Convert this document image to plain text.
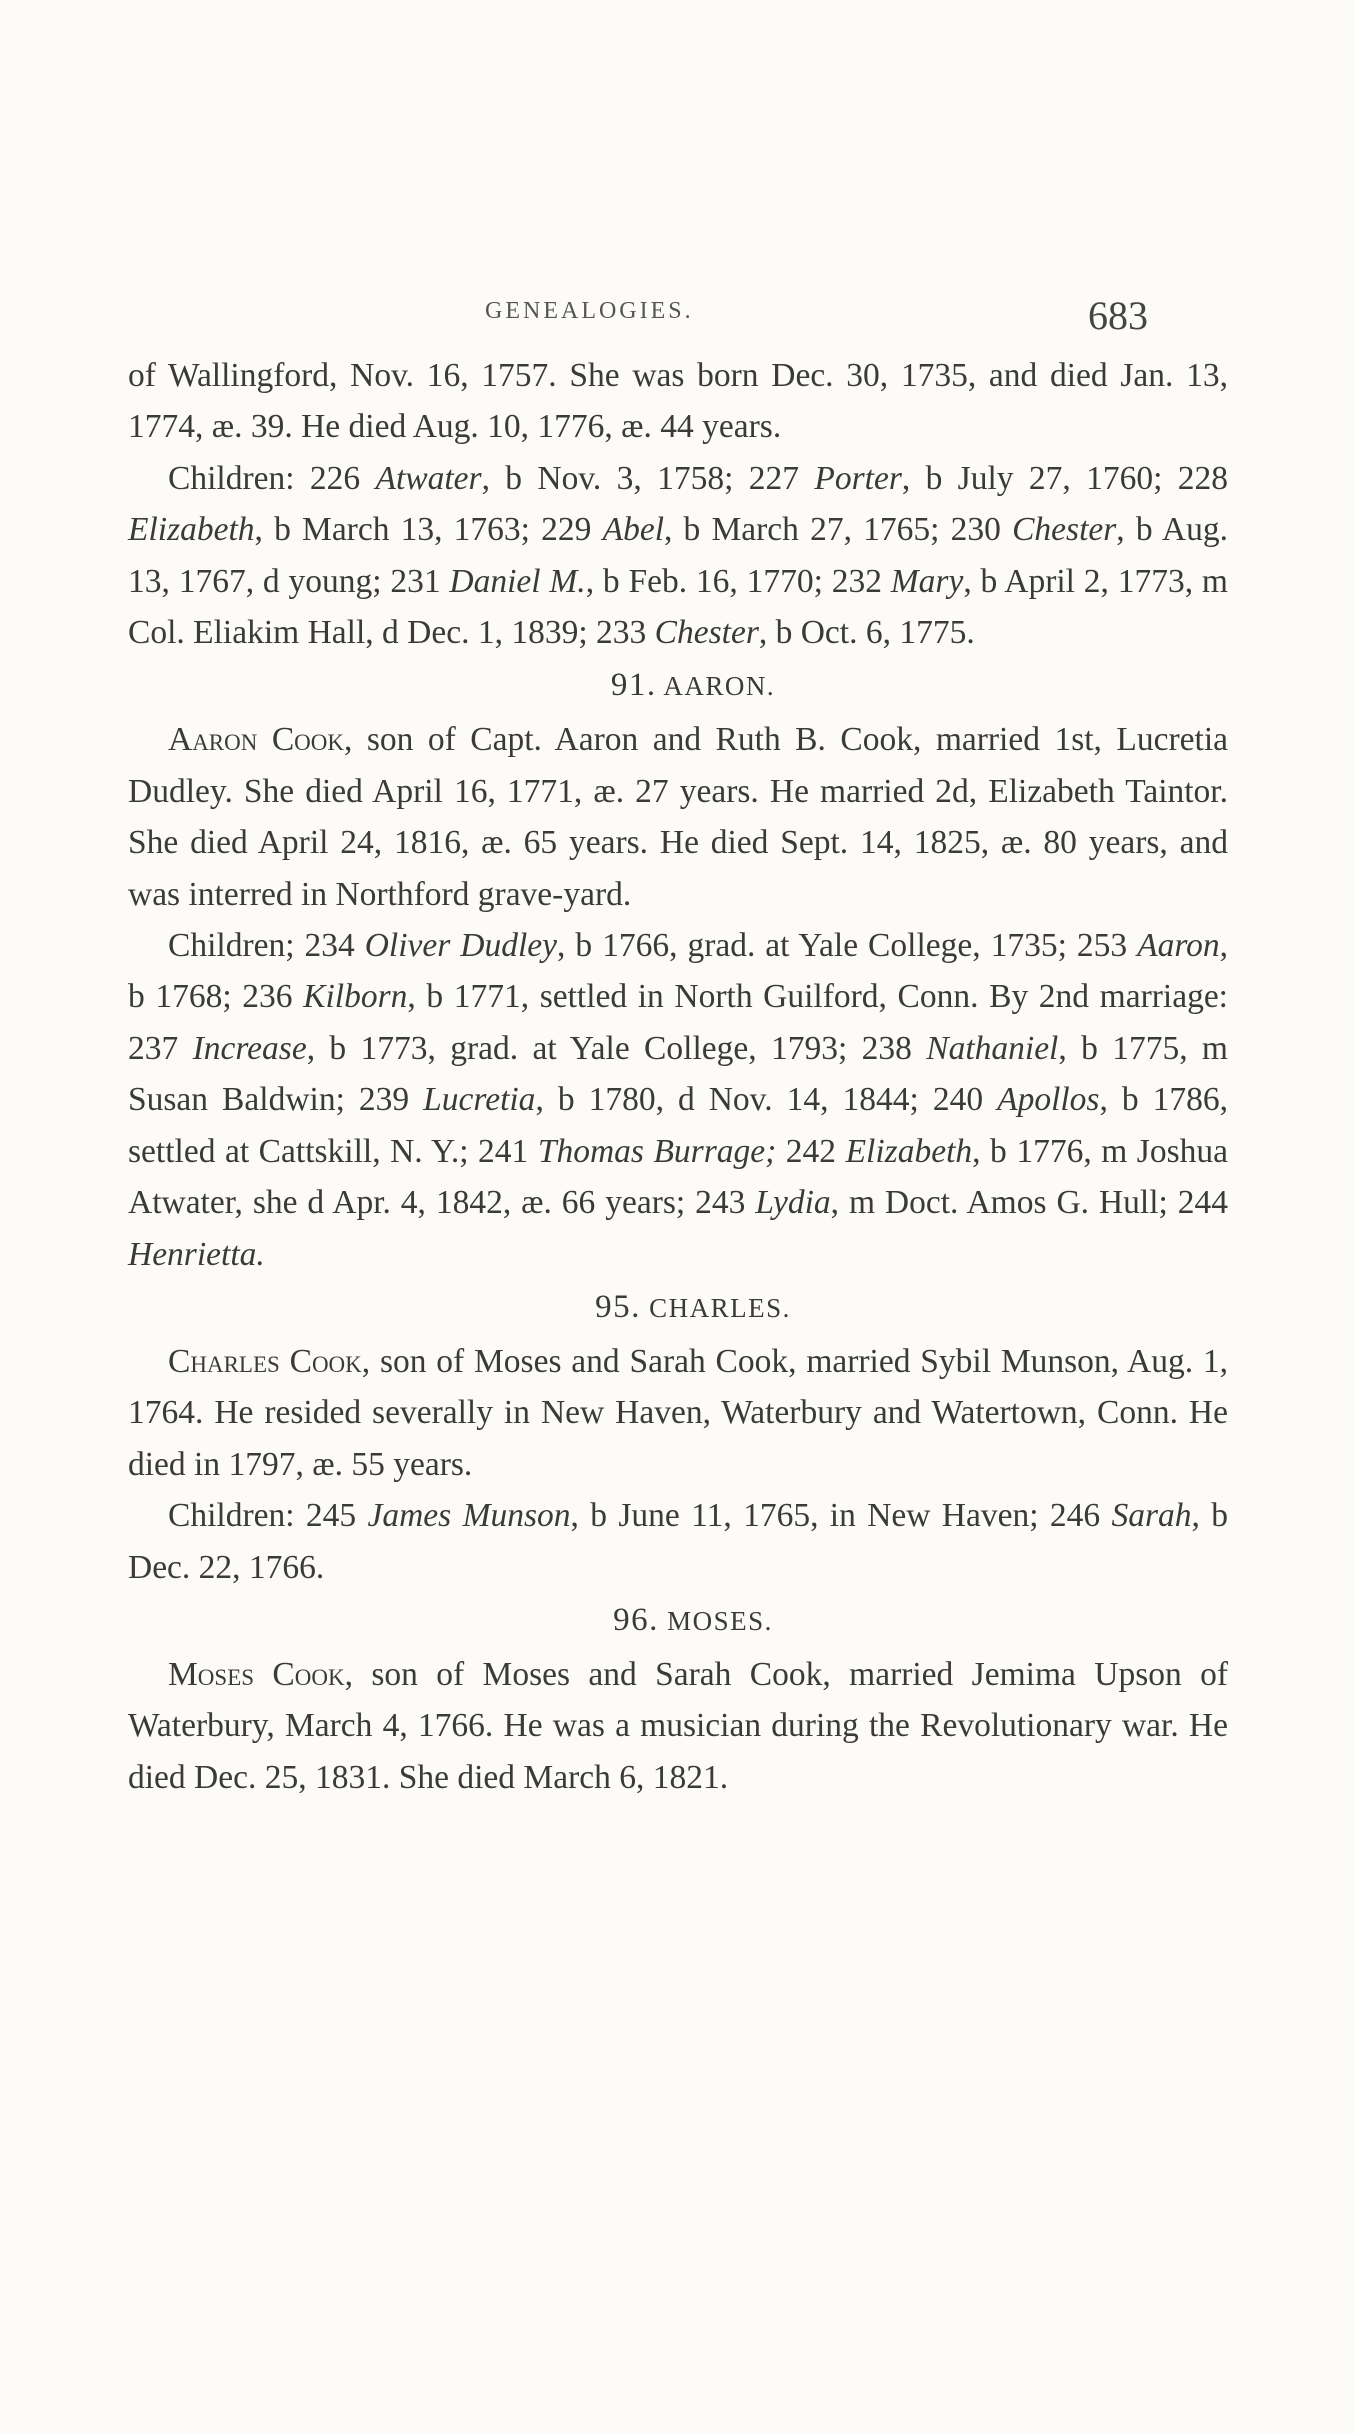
GENEALOGIES.	683

of Wallingford, Nov. 16, 1757. She was born Dec. 30, 1735, and died Jan. 13, 1774, æ. 39. He died Aug. 10, 1776, æ. 44 years.

Children: 226 Atwater, b Nov. 3, 1758; 227 Porter, b July 27, 1760; 228 Elizabeth, b March 13, 1763; 229 Abel, b March 27, 1765; 230 Chester, b Aug. 13, 1767, d young; 231 Daniel M., b Feb. 16, 1770; 232 Mary, b April 2, 1773, m Col. Eliakim Hall, d Dec. 1, 1839; 233 Chester, b Oct. 6, 1775.

91. AARON.

Aaron Cook, son of Capt. Aaron and Ruth B. Cook, married 1st, Lucretia Dudley. She died April 16, 1771, æ. 27 years. He married 2d, Elizabeth Taintor. She died April 24, 1816, æ. 65 years. He died Sept. 14, 1825, æ. 80 years, and was interred in Northford grave-yard.

Children; 234 Oliver Dudley, b 1766, grad. at Yale College, 1735; 253 Aaron, b 1768; 236 Kilborn, b 1771, settled in North Guilford, Conn. By 2nd marriage: 237 Increase, b 1773, grad. at Yale College, 1793; 238 Nathaniel, b 1775, m Susan Baldwin; 239 Lucretia, b 1780, d Nov. 14, 1844; 240 Apollos, b 1786, settled at Cattskill, N. Y.; 241 Thomas Burrage; 242 Elizabeth, b 1776, m Joshua Atwater, she d Apr. 4, 1842, æ. 66 years; 243 Lydia, m Doct. Amos G. Hull; 244 Henrietta.

95. CHARLES.

Charles Cook, son of Moses and Sarah Cook, married Sybil Munson, Aug. 1, 1764. He resided severally in New Haven, Waterbury and Watertown, Conn. He died in 1797, æ. 55 years.

Children: 245 James Munson, b June 11, 1765, in New Haven; 246 Sarah, b Dec. 22, 1766.

96. MOSES.

Moses Cook, son of Moses and Sarah Cook, married Jemima Upson of Waterbury, March 4, 1766. He was a musician during the Revolutionary war. He died Dec. 25, 1831. She died March 6, 1821.
